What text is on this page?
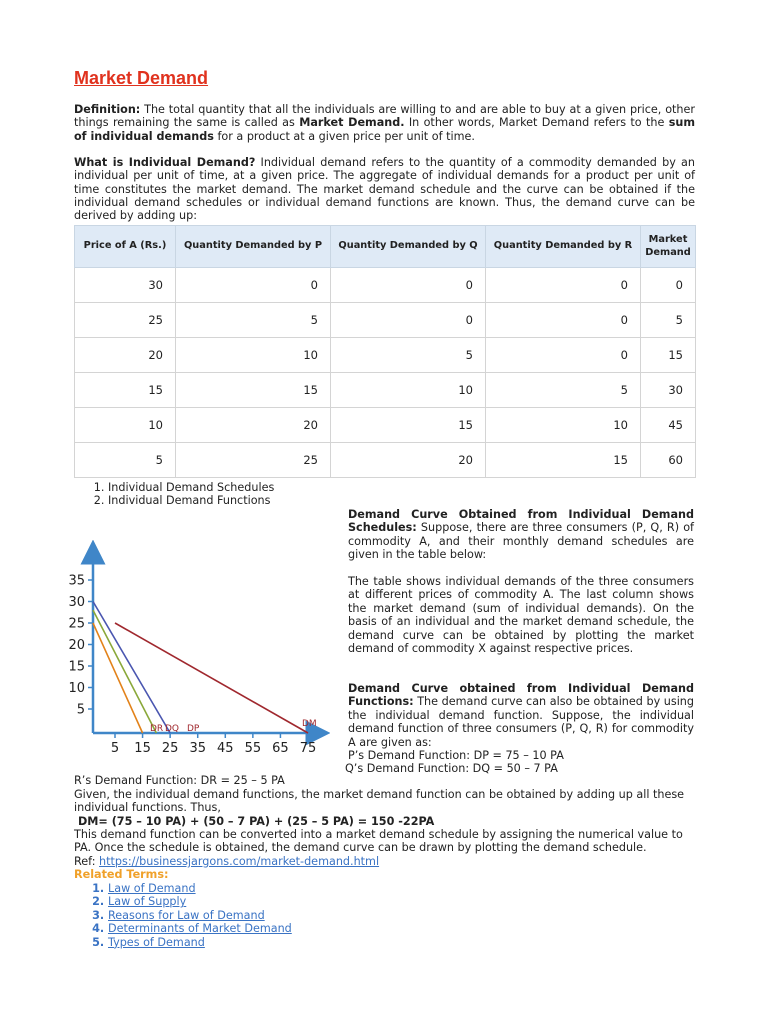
Market Demand
Definition: The total quantity that all the individuals are willing to and are able to buy at a given price, other things remaining the same is called as Market Demand. In other words, Market Demand refers to the sum of individual demands for a product at a given price per unit of time.
What is Individual Demand? Individual demand refers to the quantity of a commodity demanded by an individual per unit of time, at a given price. The aggregate of individual demands for a product per unit of time constitutes the market demand. The market demand schedule and the curve can be obtained if the individual demand schedules or individual demand functions are known. Thus, the demand curve can be derived by adding up:
Price of A (Rs.)	Quantity Demanded by P	Quantity Demanded by Q	Quantity Demanded by R	Market Demand
30	0	0	0	0
25	5	0	0	5
20	10	5	0	15
15	15	10	5	30
10	20	15	10	45
5	25	20	15	60
1. Individual Demand Schedules
2. Individual Demand Functions
Demand Curve Obtained from Individual Demand Schedules: Suppose, there are three consumers (P, Q, R) of commodity A, and their monthly demand schedules are given in the table below:
The table shows individual demands of the three consumers at different prices of commodity A. The last column shows the market demand (sum of individual demands). On the basis of an individual and the market demand schedule, the demand curve can be obtained by plotting the market demand of commodity X against respective prices.
Demand Curve obtained from Individual Demand Functions: The demand curve can also be obtained by using the individual demand function. Suppose, the individual demand function of three consumers (P, Q, R) for commodity A are given as:
P’s Demand Function: DP = 75 – 10 PA
Q’s Demand Function: DQ = 50 – 7 PA
35
30
25
20
15
10
5
5 15 25 35 45 55 65 75
DR DQ DP	DM
R’s Demand Function: DR = 25 – 5 PA
Given, the individual demand functions, the market demand function can be obtained by adding up all these individual functions. Thus,
DM= (75 – 10 PA) + (50 – 7 PA) + (25 – 5 PA) = 150 -22PA
This demand function can be converted into a market demand schedule by assigning the numerical value to PA. Once the schedule is obtained, the demand curve can be drawn by plotting the demand schedule.
Ref: https://businessjargons.com/market-demand.html
Related Terms:
1. Law of Demand
2. Law of Supply
3. Reasons for Law of Demand
4. Determinants of Market Demand
5. Types of Demand
